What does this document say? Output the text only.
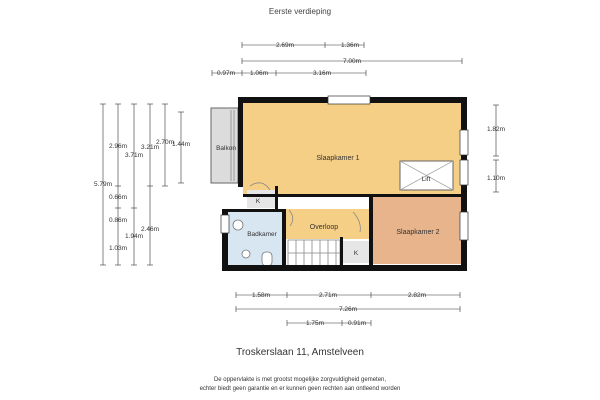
Eerste verdieping
Slaapkamer 1
Slaapkamer 2
Badkamer
Overloop
Balkon
Lift
K
K
2.69m	1.36m
7.00m
0.97m 1.06m	3.16m
5.79m
2.96m
3.71m
3.21m
2.70m
1.44m
0.66m
0.86m
1.94m
2.46m
1.03m
1.82m
1.10m
1.58m	2.71m	2.82m
7.26m
1.75m	0.91m
Troskerslaan 11, Amstelveen
De oppervlakte is met grootst mogelijke zorgvuldigheid gemeten,
echter biedt geen garantie en er kunnen geen rechten aan ontleend worden
